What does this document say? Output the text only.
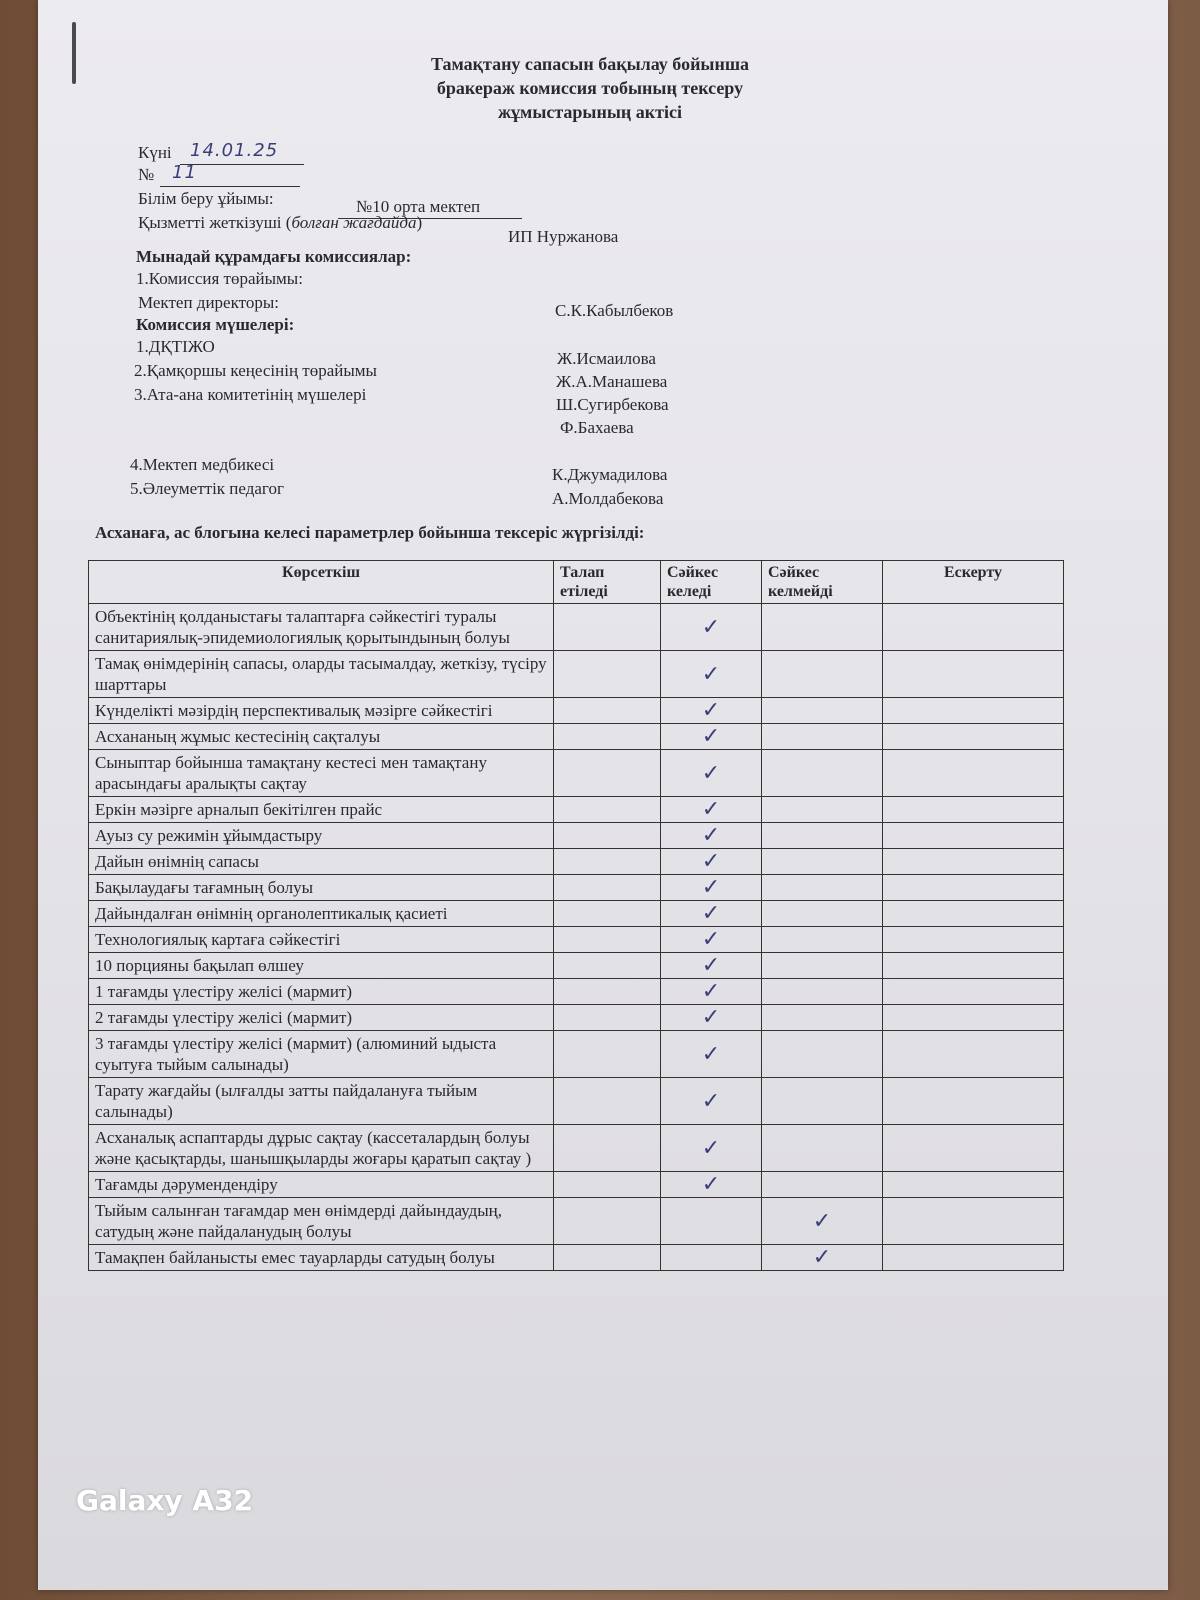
Тамақтану сапасын бақылау бойынша
бракераж комиссия тобының тексеру
жұмыстарының актісі
Күні 14.01.25
№ 11
Білім беру ұйымы:	№10 орта мектеп
Қызметті жеткізуші (болған жағдайда)
ИП Нуржанова
Мынадай құрамдағы комиссиялар:
1.Комиссия төрайымы:
Мектеп директоры:	С.К.Кабылбеков
Комиссия мүшелері:
1.ДҚТІЖО
Ж.Исмаилова
2.Қамқоршы кеңесінің төрайымы
Ж.А.Манашева
3.Ата-ана комитетінің мүшелері
Ш.Сугирбекова
Ф.Бахаева
4.Мектеп медбикесі
К.Джумадилова
5.Әлеуметтік педагог
А.Молдабекова
Асханаға, ас блогына келесі параметрлер бойынша тексеріс жүргізілді:
Көрсеткіш	Талап етіледі	Сәйкес келеді	Сәйкес келмейді	Ескерту
Объектінің қолданыстағы талаптарға сәйкестігі туралы санитариялық-эпидемиологиялық қорытындының болуы		✓		
Тамақ өнімдерінің сапасы, оларды тасымалдау, жеткізу, түсіру шарттары		✓		
Күнделікті мәзірдің перспективалық мәзірге сәйкестігі		✓		
Асхананың жұмыс кестесінің сақталуы		✓		
Сыныптар бойынша тамақтану кестесі мен тамақтану арасындағы аралықты сақтау		✓		
Еркін мәзірге арналып бекітілген прайс		✓		
Ауыз су режимін ұйымдастыру		✓		
Дайын өнімнің сапасы		✓		
Бақылаудағы тағамның болуы		✓		
Дайындалған өнімнің органолептикалық қасиеті		✓		
Технологиялық картаға сәйкестігі		✓		
10 порцияны бақылап өлшеу		✓		
1 тағамды үлестіру желісі (мармит)		✓		
2 тағамды үлестіру желісі (мармит)		✓		
3 тағамды үлестіру желісі (мармит) (алюминий ыдыста суытуға тыйым салынады)		✓		
Тарату жағдайы (ылғалды затты пайдалануға тыйым салынады)		✓		
Асханалық аспаптарды дұрыс сақтау (кассеталардың болуы және қасықтарды, шанышқыларды жоғары қаратып сақтау )		✓		
Тағамды дәрумендендіру		✓		
Тыйым салынған тағамдар мен өнімдерді дайындаудың, сатудың және пайдаланудың болуы			✓	
Тамақпен байланысты емес тауарларды сатудың болуы			✓	
Galaxy A32
